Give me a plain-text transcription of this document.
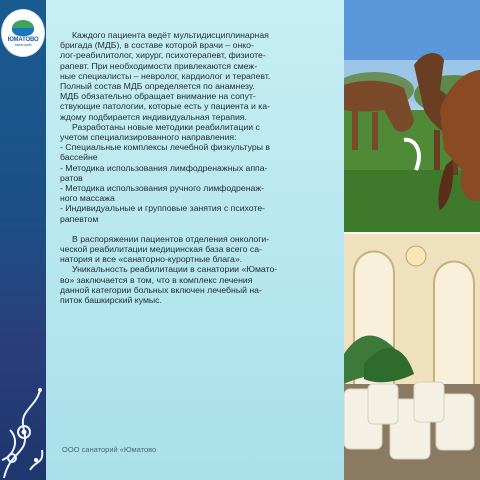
ЮМАТОВО
санаторий

Каждого пациента ведёт мультидисциплинарная

бригада (МДБ), в составе которой врачи – онко-

лог-реабилитолог, хирург, психотерапевт, физиоте-

рапевт. При необходимости привлекаются смеж-

ные специалисты – невролог, кардиолог и терапевт.

Полный состав МДБ определяется по анамнезу.

МДБ обязательно обращает внимание на сопут-

ствующие патологии, которые есть у пациента и ка-

ждому подбирается индивидуальная терапия.

Разработаны новые методики реабилитации с

учетом специализированного направления:

- Специальные комплексы лечебной физкультуры в

бассейне

- Методика использования лимфодренажных аппа-

ратов

- Методика использования ручного лимфодренаж-

ного массажа

- Индивидуальные и групповые занятия с психоте-

рапевтом

В распоряжении пациентов отделения онкологи-

ческой реабилитации медицинская база всего са-

натория и все «санаторно-курортные блага».

Уникальность реабилитации в санатории «Юмато-

во» заключается в том, что в комплекс лечения

данной категории больных включен лечебный на-

питок башкирский кумыс.

ООО санаторий «Юматово
